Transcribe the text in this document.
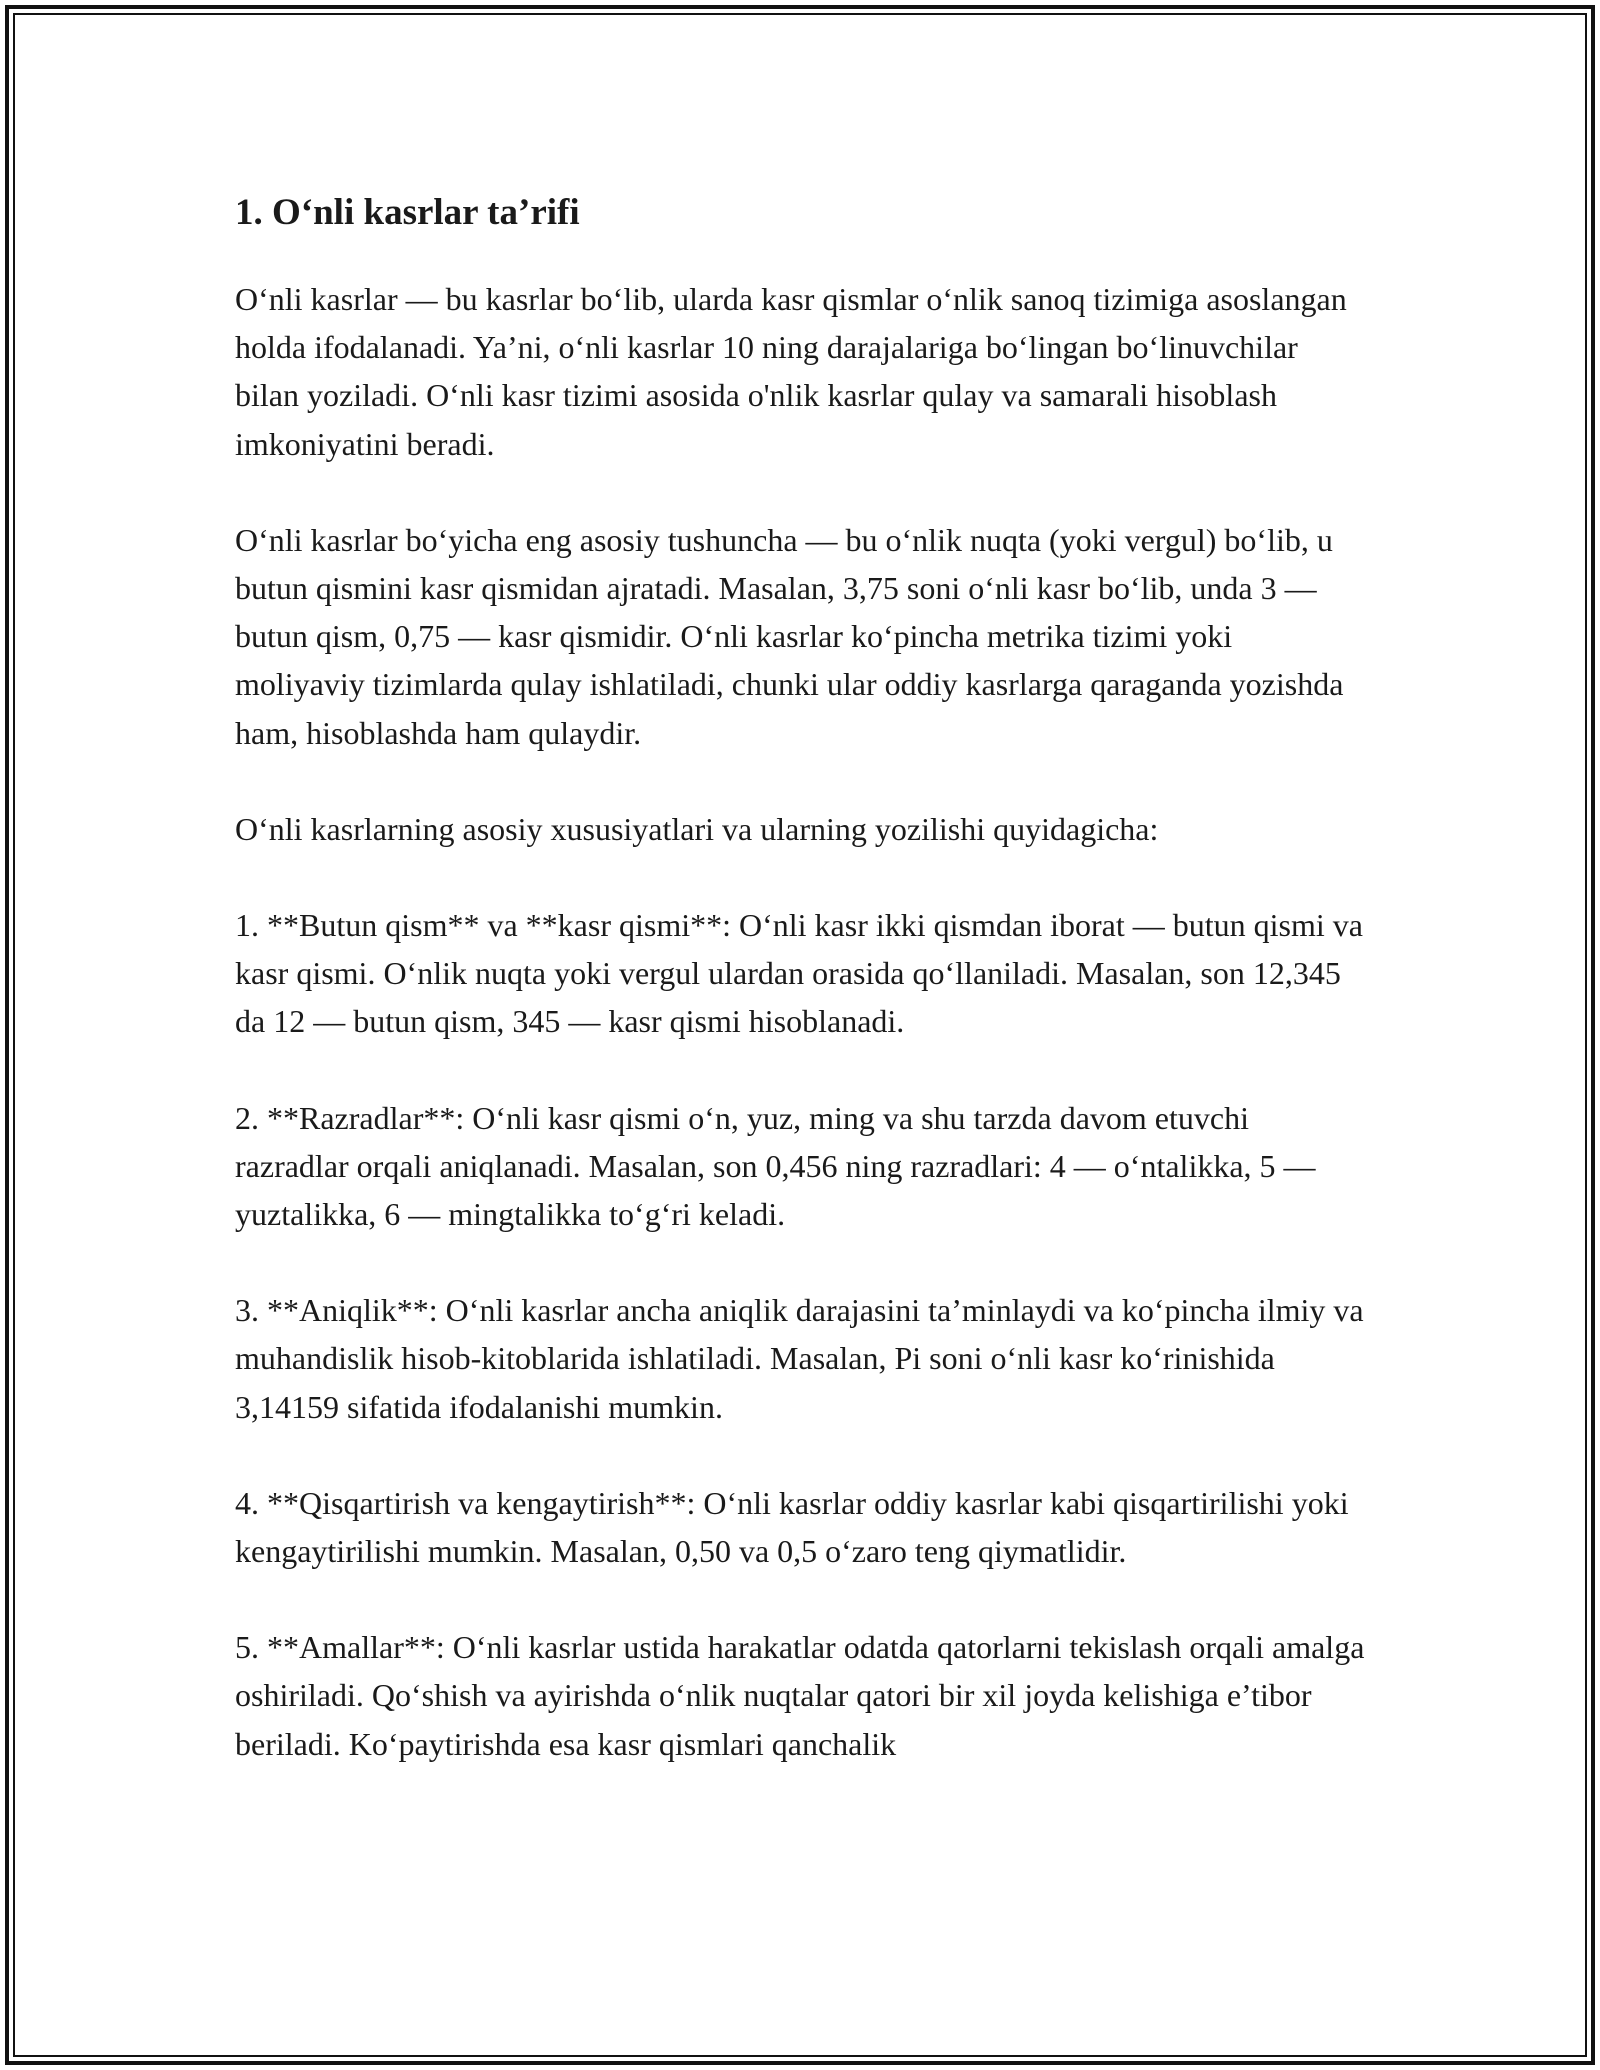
1. O‘nli kasrlar ta’rifi

O‘nli kasrlar — bu kasrlar bo‘lib, ularda kasr qismlar o‘nlik sanoq tizimiga asoslangan holda ifodalanadi. Ya’ni, o‘nli kasrlar 10 ning darajalariga bo‘lingan bo‘linuvchilar bilan yoziladi. O‘nli kasr tizimi asosida o'nlik kasrlar qulay va samarali hisoblash imkoniyatini beradi.

O‘nli kasrlar bo‘yicha eng asosiy tushuncha — bu o‘nlik nuqta (yoki vergul) bo‘lib, u butun qismini kasr qismidan ajratadi. Masalan, 3,75 soni o‘nli kasr bo‘lib, unda 3 — butun qism, 0,75 — kasr qismidir. O‘nli kasrlar ko‘pincha metrika tizimi yoki moliyaviy tizimlarda qulay ishlatiladi, chunki ular oddiy kasrlarga qaraganda yozishda ham, hisoblashda ham qulaydir.

O‘nli kasrlarning asosiy xususiyatlari va ularning yozilishi quyidagicha:

1. **Butun qism** va **kasr qismi**: O‘nli kasr ikki qismdan iborat — butun qismi va kasr qismi. O‘nlik nuqta yoki vergul ulardan orasida qo‘llaniladi. Masalan, son 12,345 da 12 — butun qism, 345 — kasr qismi hisoblanadi.

2. **Razradlar**: O‘nli kasr qismi o‘n, yuz, ming va shu tarzda davom etuvchi razradlar orqali aniqlanadi. Masalan, son 0,456 ning razradlari: 4 — o‘ntalikka, 5 — yuztalikka, 6 — mingtalikka to‘g‘ri keladi.

3. **Aniqlik**: O‘nli kasrlar ancha aniqlik darajasini ta’minlaydi va ko‘pincha ilmiy va muhandislik hisob-kitoblarida ishlatiladi. Masalan, Pi soni o‘nli kasr ko‘rinishida 3,14159 sifatida ifodalanishi mumkin.

4. **Qisqartirish va kengaytirish**: O‘nli kasrlar oddiy kasrlar kabi qisqartirilishi yoki kengaytirilishi mumkin. Masalan, 0,50 va 0,5 o‘zaro teng qiymatlidir.

5. **Amallar**: O‘nli kasrlar ustida harakatlar odatda qatorlarni tekislash orqali amalga oshiriladi. Qo‘shish va ayirishda o‘nlik nuqtalar qatori bir xil joyda kelishiga e’tibor beriladi. Ko‘paytirishda esa kasr qismlari qanchalik
